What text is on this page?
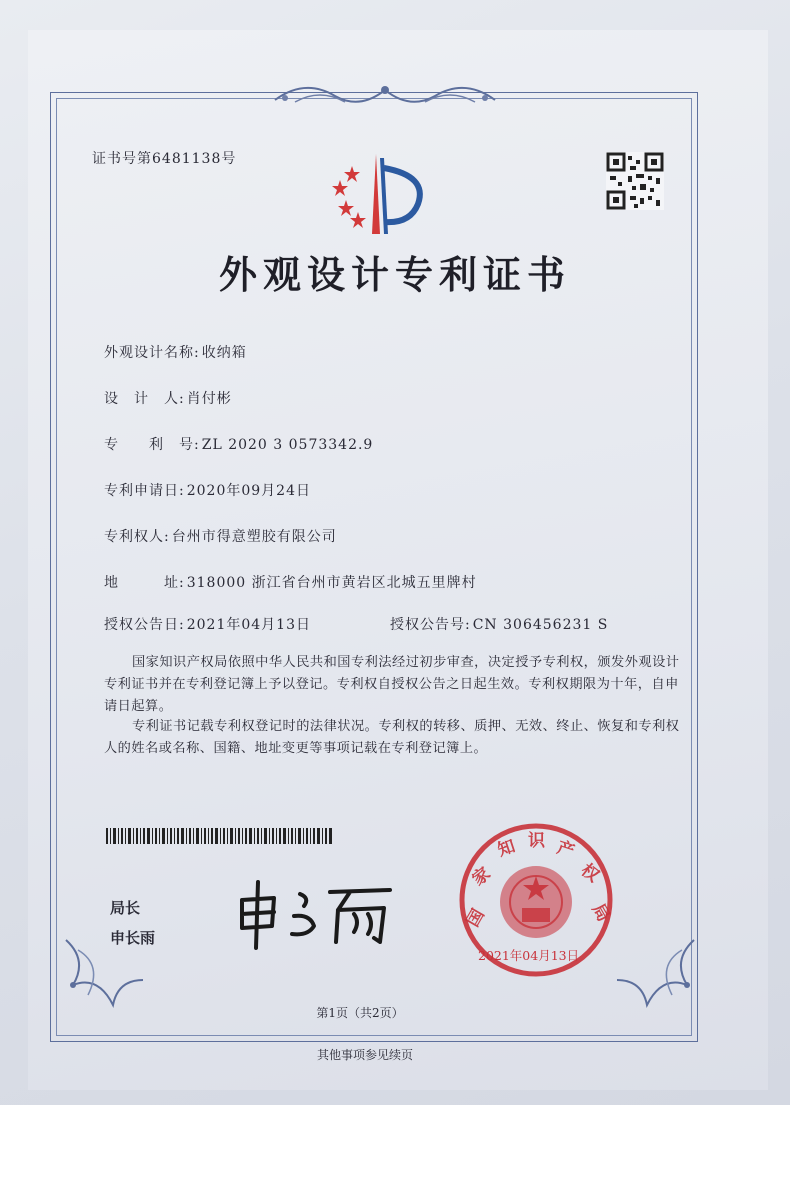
证书号第6481138号
外观设计专利证书
外观设计名称: 收纳箱
设　计　人: 肖付彬
专　　利　号: ZL 2020 3 0573342.9
专利申请日: 2020年09月24日
专利权人: 台州市得意塑胶有限公司
地　　　址: 318000 浙江省台州市黄岩区北城五里牌村
授权公告日: 2021年04月13日	授权公告号: CN 306456231 S
国家知识产权局依照中华人民共和国专利法经过初步审查，决定授予专利权，颁发外观设计专利证书并在专利登记簿上予以登记。专利权自授权公告之日起生效。专利权期限为十年，自申请日起算。
专利证书记载专利权登记时的法律状况。专利权的转移、质押、无效、终止、恢复和专利权人的姓名或名称、国籍、地址变更等事项记载在专利登记簿上。
局长
申长雨
国
家
知 识 产
权
局
2021年04月13日
第1页（共2页）
其他事项参见续页
